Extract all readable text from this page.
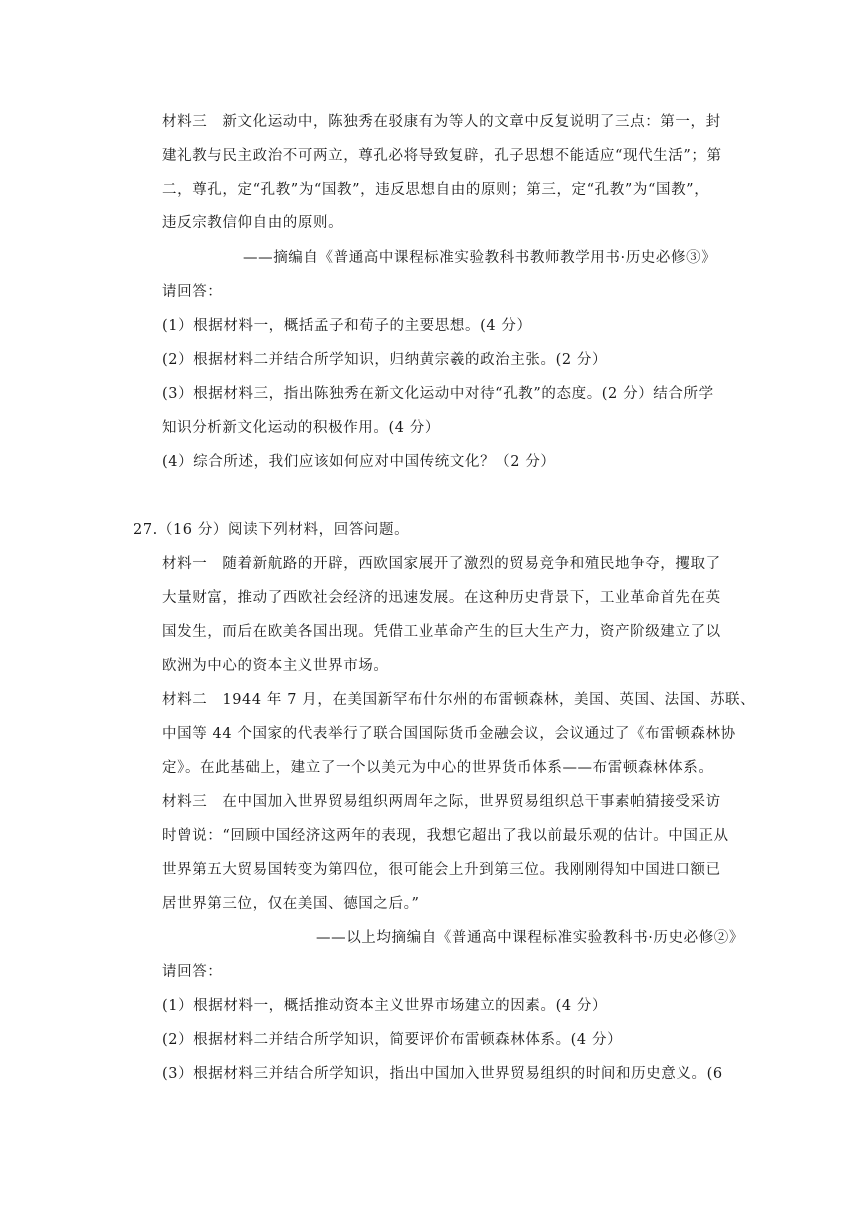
材料三　新文化运动中，陈独秀在驳康有为等人的文章中反复说明了三点：第一，封
建礼教与民主政治不可两立，尊孔必将导致复辟，孔子思想不能适应“现代生活”；第
二，尊孔，定“孔教”为“国教”，违反思想自由的原则；第三，定“孔教”为“国教”，
违反宗教信仰自由的原则。
——摘编自《普通高中课程标准实验教科书教师教学用书·历史必修③》
请回答：
(1）根据材料一，概括孟子和荀子的主要思想。(4 分）
(2）根据材料二并结合所学知识，归纳黄宗羲的政治主张。(2 分）
(3）根据材料三，指出陈独秀在新文化运动中对待“孔教”的态度。(2 分）结合所学
知识分析新文化运动的积极作用。(4 分）
(4）综合所述，我们应该如何应对中国传统文化？（2 分）
27.（16 分）阅读下列材料，回答问题。
材料一　随着新航路的开辟，西欧国家展开了激烈的贸易竞争和殖民地争夺，攫取了
大量财富，推动了西欧社会经济的迅速发展。在这种历史背景下，工业革命首先在英
国发生，而后在欧美各国出现。凭借工业革命产生的巨大生产力，资产阶级建立了以
欧洲为中心的资本主义世界市场。
材料二　1944 年 7 月，在美国新罕布什尔州的布雷顿森林，美国、英国、法国、苏联、
中国等 44 个国家的代表举行了联合国国际货币金融会议，会议通过了《布雷顿森林协
定》。在此基础上，建立了一个以美元为中心的世界货币体系——布雷顿森林体系。
材料三　在中国加入世界贸易组织两周年之际，世界贸易组织总干事素帕猜接受采访
时曾说：“回顾中国经济这两年的表现，我想它超出了我以前最乐观的估计。中国正从
世界第五大贸易国转变为第四位，很可能会上升到第三位。我刚刚得知中国进口额已
居世界第三位，仅在美国、德国之后。”
——以上均摘编自《普通高中课程标准实验教科书·历史必修②》
请回答：
(1）根据材料一，概括推动资本主义世界市场建立的因素。(4 分）
(2）根据材料二并结合所学知识，简要评价布雷顿森林体系。(4 分）
(3）根据材料三并结合所学知识，指出中国加入世界贸易组织的时间和历史意义。(6
